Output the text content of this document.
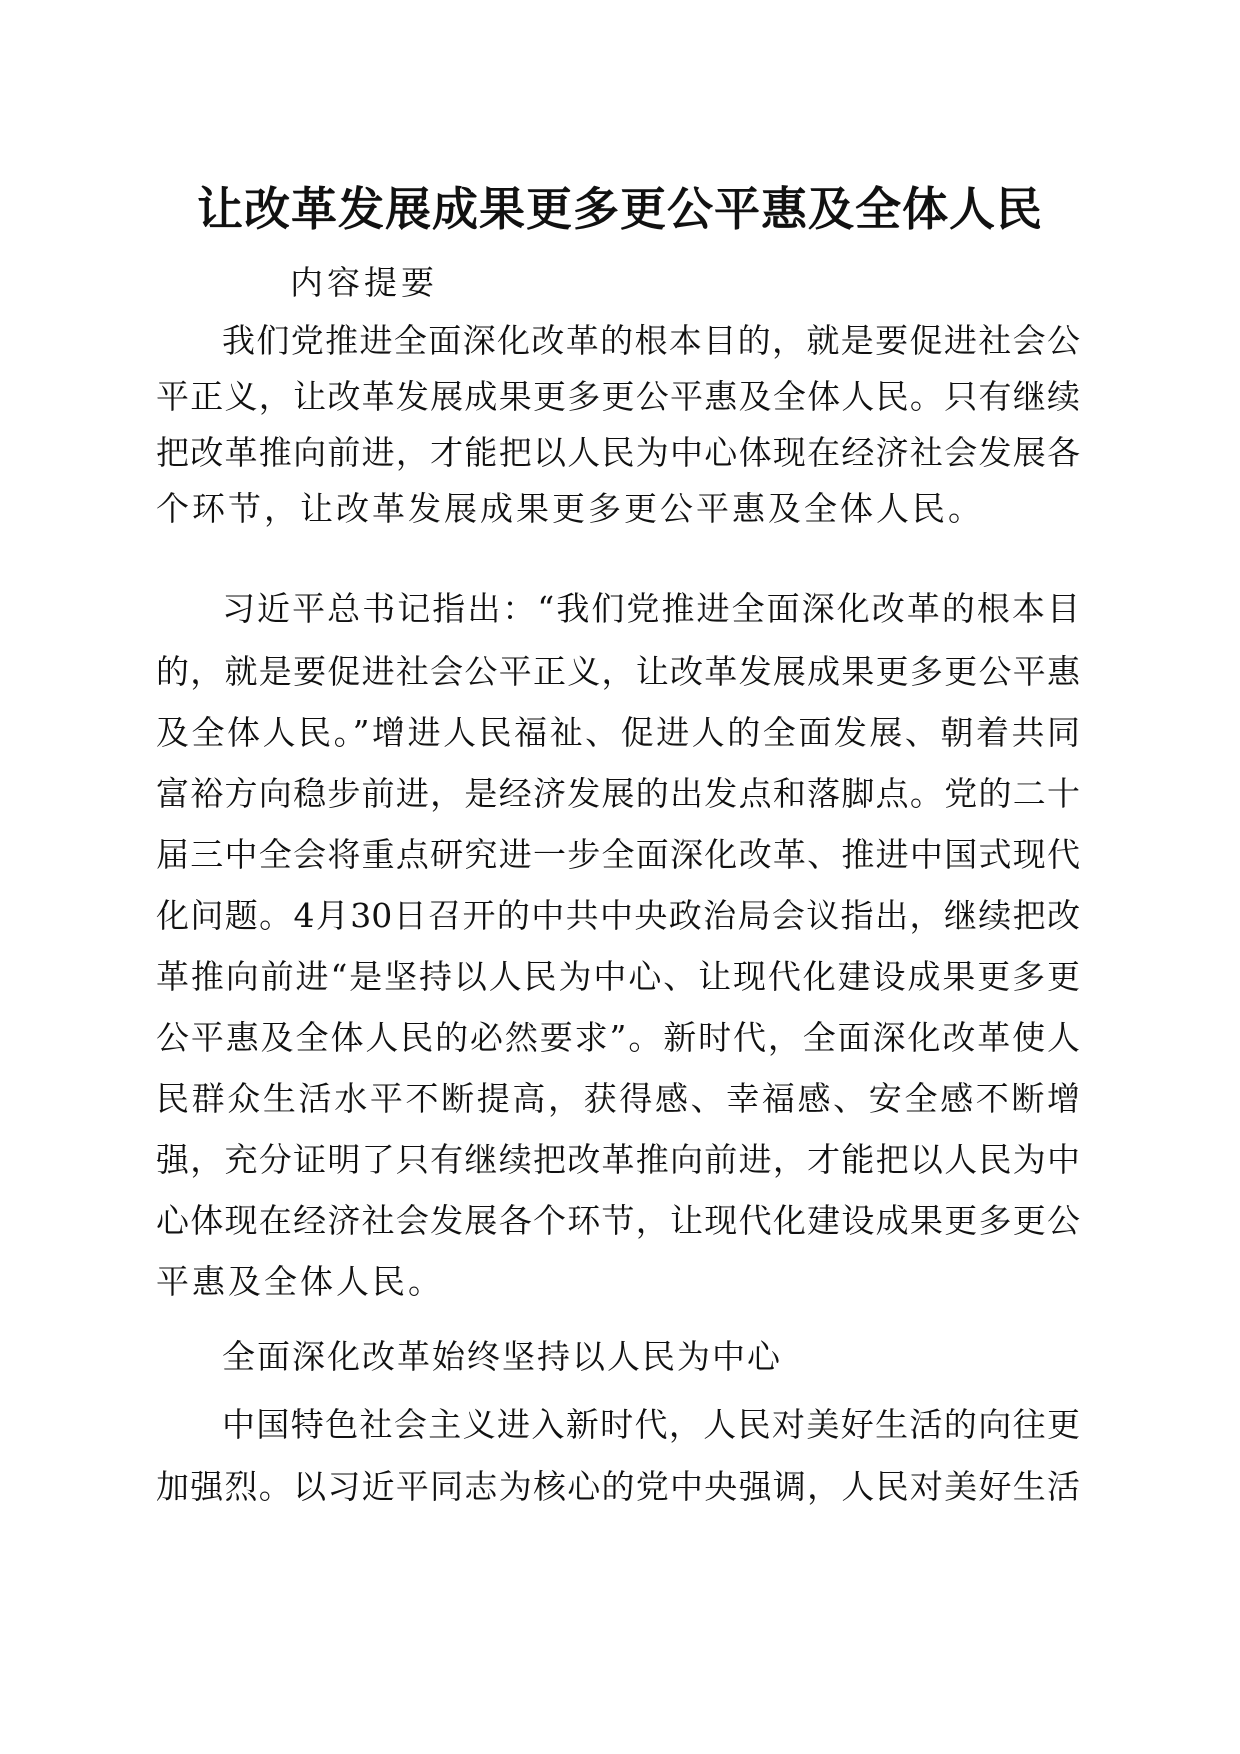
让改革发展成果更多更公平惠及全体人民
内容提要
我们党推进全面深化改革的根本目的，就是要促进社会公
平正义，让改革发展成果更多更公平惠及全体人民。只有继续
把改革推向前进，才能把以人民为中心体现在经济社会发展各
个环节，让改革发展成果更多更公平惠及全体人民。
习近平总书记指出：“我们党推进全面深化改革的根本目
的，就是要促进社会公平正义，让改革发展成果更多更公平惠
及全体人民。”增进人民福祉、促进人的全面发展、朝着共同
富裕方向稳步前进，是经济发展的出发点和落脚点。党的二十
届三中全会将重点研究进一步全面深化改革、推进中国式现代
化问题。4月30日召开的中共中央政治局会议指出，继续把改
革推向前进“是坚持以人民为中心、让现代化建设成果更多更
公平惠及全体人民的必然要求”。新时代，全面深化改革使人
民群众生活水平不断提高，获得感、幸福感、安全感不断增
强，充分证明了只有继续把改革推向前进，才能把以人民为中
心体现在经济社会发展各个环节，让现代化建设成果更多更公
平惠及全体人民。
全面深化改革始终坚持以人民为中心
中国特色社会主义进入新时代，人民对美好生活的向往更
加强烈。以习近平同志为核心的党中央强调，人民对美好生活
